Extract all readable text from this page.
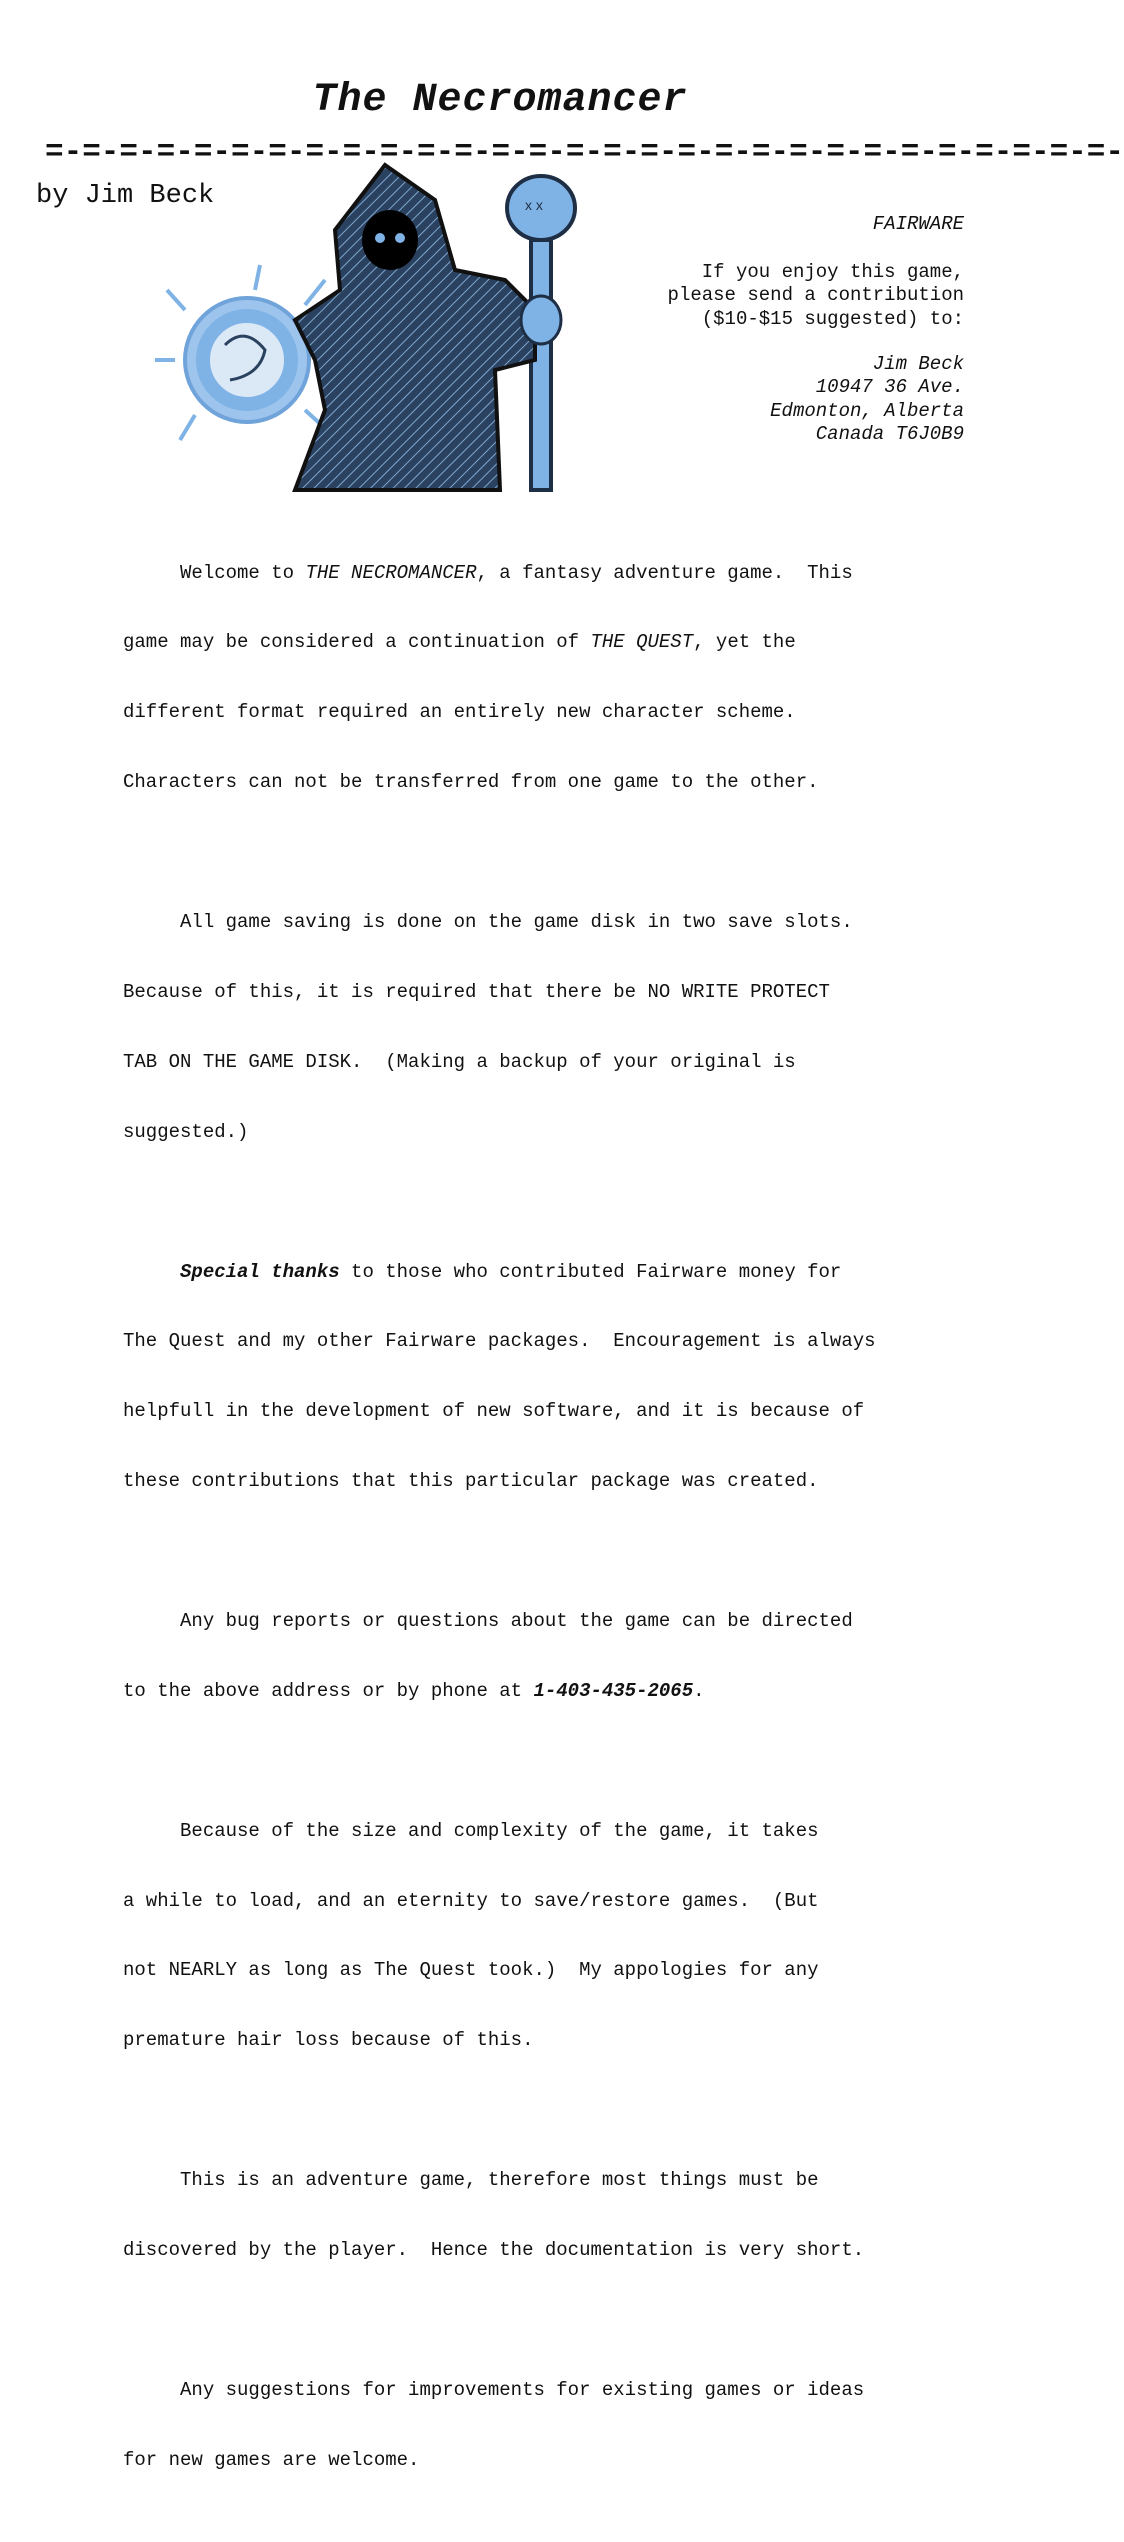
The Necromancer
=-=-=-=-=-=-=-=-=-=-=-=-=-=-=-=-=-=-=-=-=-=-=-=-=-=-=-=-=-
by Jim Beck	x x
FAIRWARE
If you enjoy this game,
please send a contribution
($10-$15 suggested) to:
Jim Beck
10947 36 Ave.
Edmonton, Alberta
Canada T6J0B9

Welcome to THE NECROMANCER, a fantasy adventure game.  This

game may be considered a continuation of THE QUEST, yet the

different format required an entirely new character scheme.

Characters can not be transferred from one game to the other.

All game saving is done on the game disk in two save slots.

Because of this, it is required that there be NO WRITE PROTECT

TAB ON THE GAME DISK.  (Making a backup of your original is

suggested.)

Special thanks to those who contributed Fairware money for

The Quest and my other Fairware packages.  Encouragement is always

helpfull in the development of new software, and it is because of

these contributions that this particular package was created.

Any bug reports or questions about the game can be directed

to the above address or by phone at 1-403-435-2065.

Because of the size and complexity of the game, it takes

a while to load, and an eternity to save/restore games.  (But

not NEARLY as long as The Quest took.)  My appologies for any

premature hair loss because of this.

This is an adventure game, therefore most things must be

discovered by the player.  Hence the documentation is very short.

Any suggestions for improvements for existing games or ideas

for new games are welcome.
